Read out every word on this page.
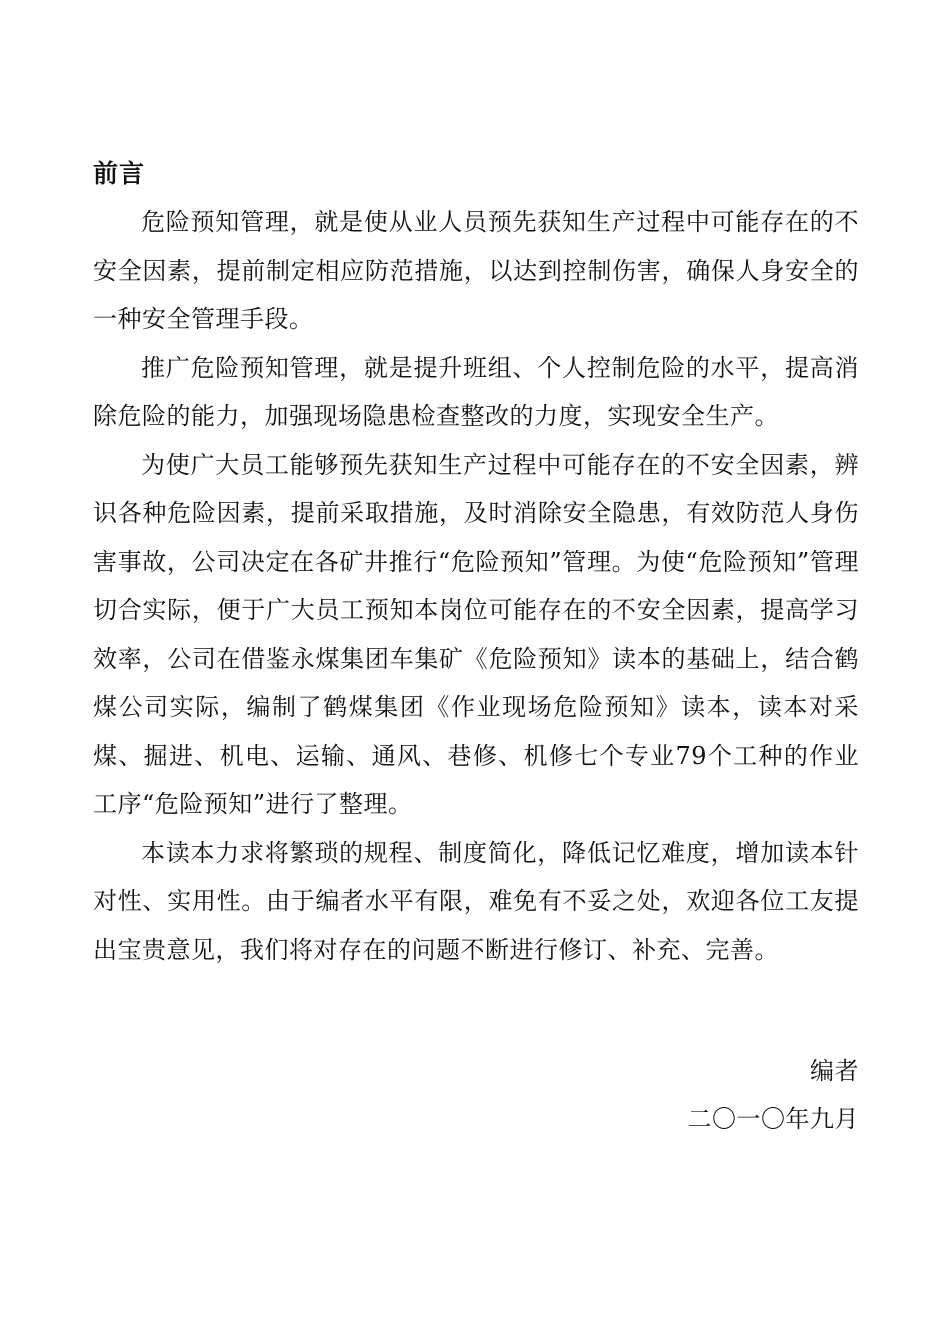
前言

危险预知管理，就是使从业人员预先获知生产过程中可能存在的不安全因素，提前制定相应防范措施，以达到控制伤害，确保人身安全的一种安全管理手段。

推广危险预知管理，就是提升班组、个人控制危险的水平，提高消除危险的能力，加强现场隐患检查整改的力度，实现安全生产。

为使广大员工能够预先获知生产过程中可能存在的不安全因素，辨识各种危险因素，提前采取措施，及时消除安全隐患，有效防范人身伤害事故，公司决定在各矿井推行“危险预知”管理。为使“危险预知”管理切合实际，便于广大员工预知本岗位可能存在的不安全因素，提高学习效率，公司在借鉴永煤集团车集矿《危险预知》读本的基础上，结合鹤煤公司实际，编制了鹤煤集团《作业现场危险预知》读本，读本对采煤、掘进、机电、运输、通风、巷修、机修七个专业79个工种的作业工序“危险预知”进行了整理。

本读本力求将繁琐的规程、制度简化，降低记忆难度，增加读本针对性、实用性。由于编者水平有限，难免有不妥之处，欢迎各位工友提出宝贵意见，我们将对存在的问题不断进行修订、补充、完善。

编者
二〇一〇年九月
